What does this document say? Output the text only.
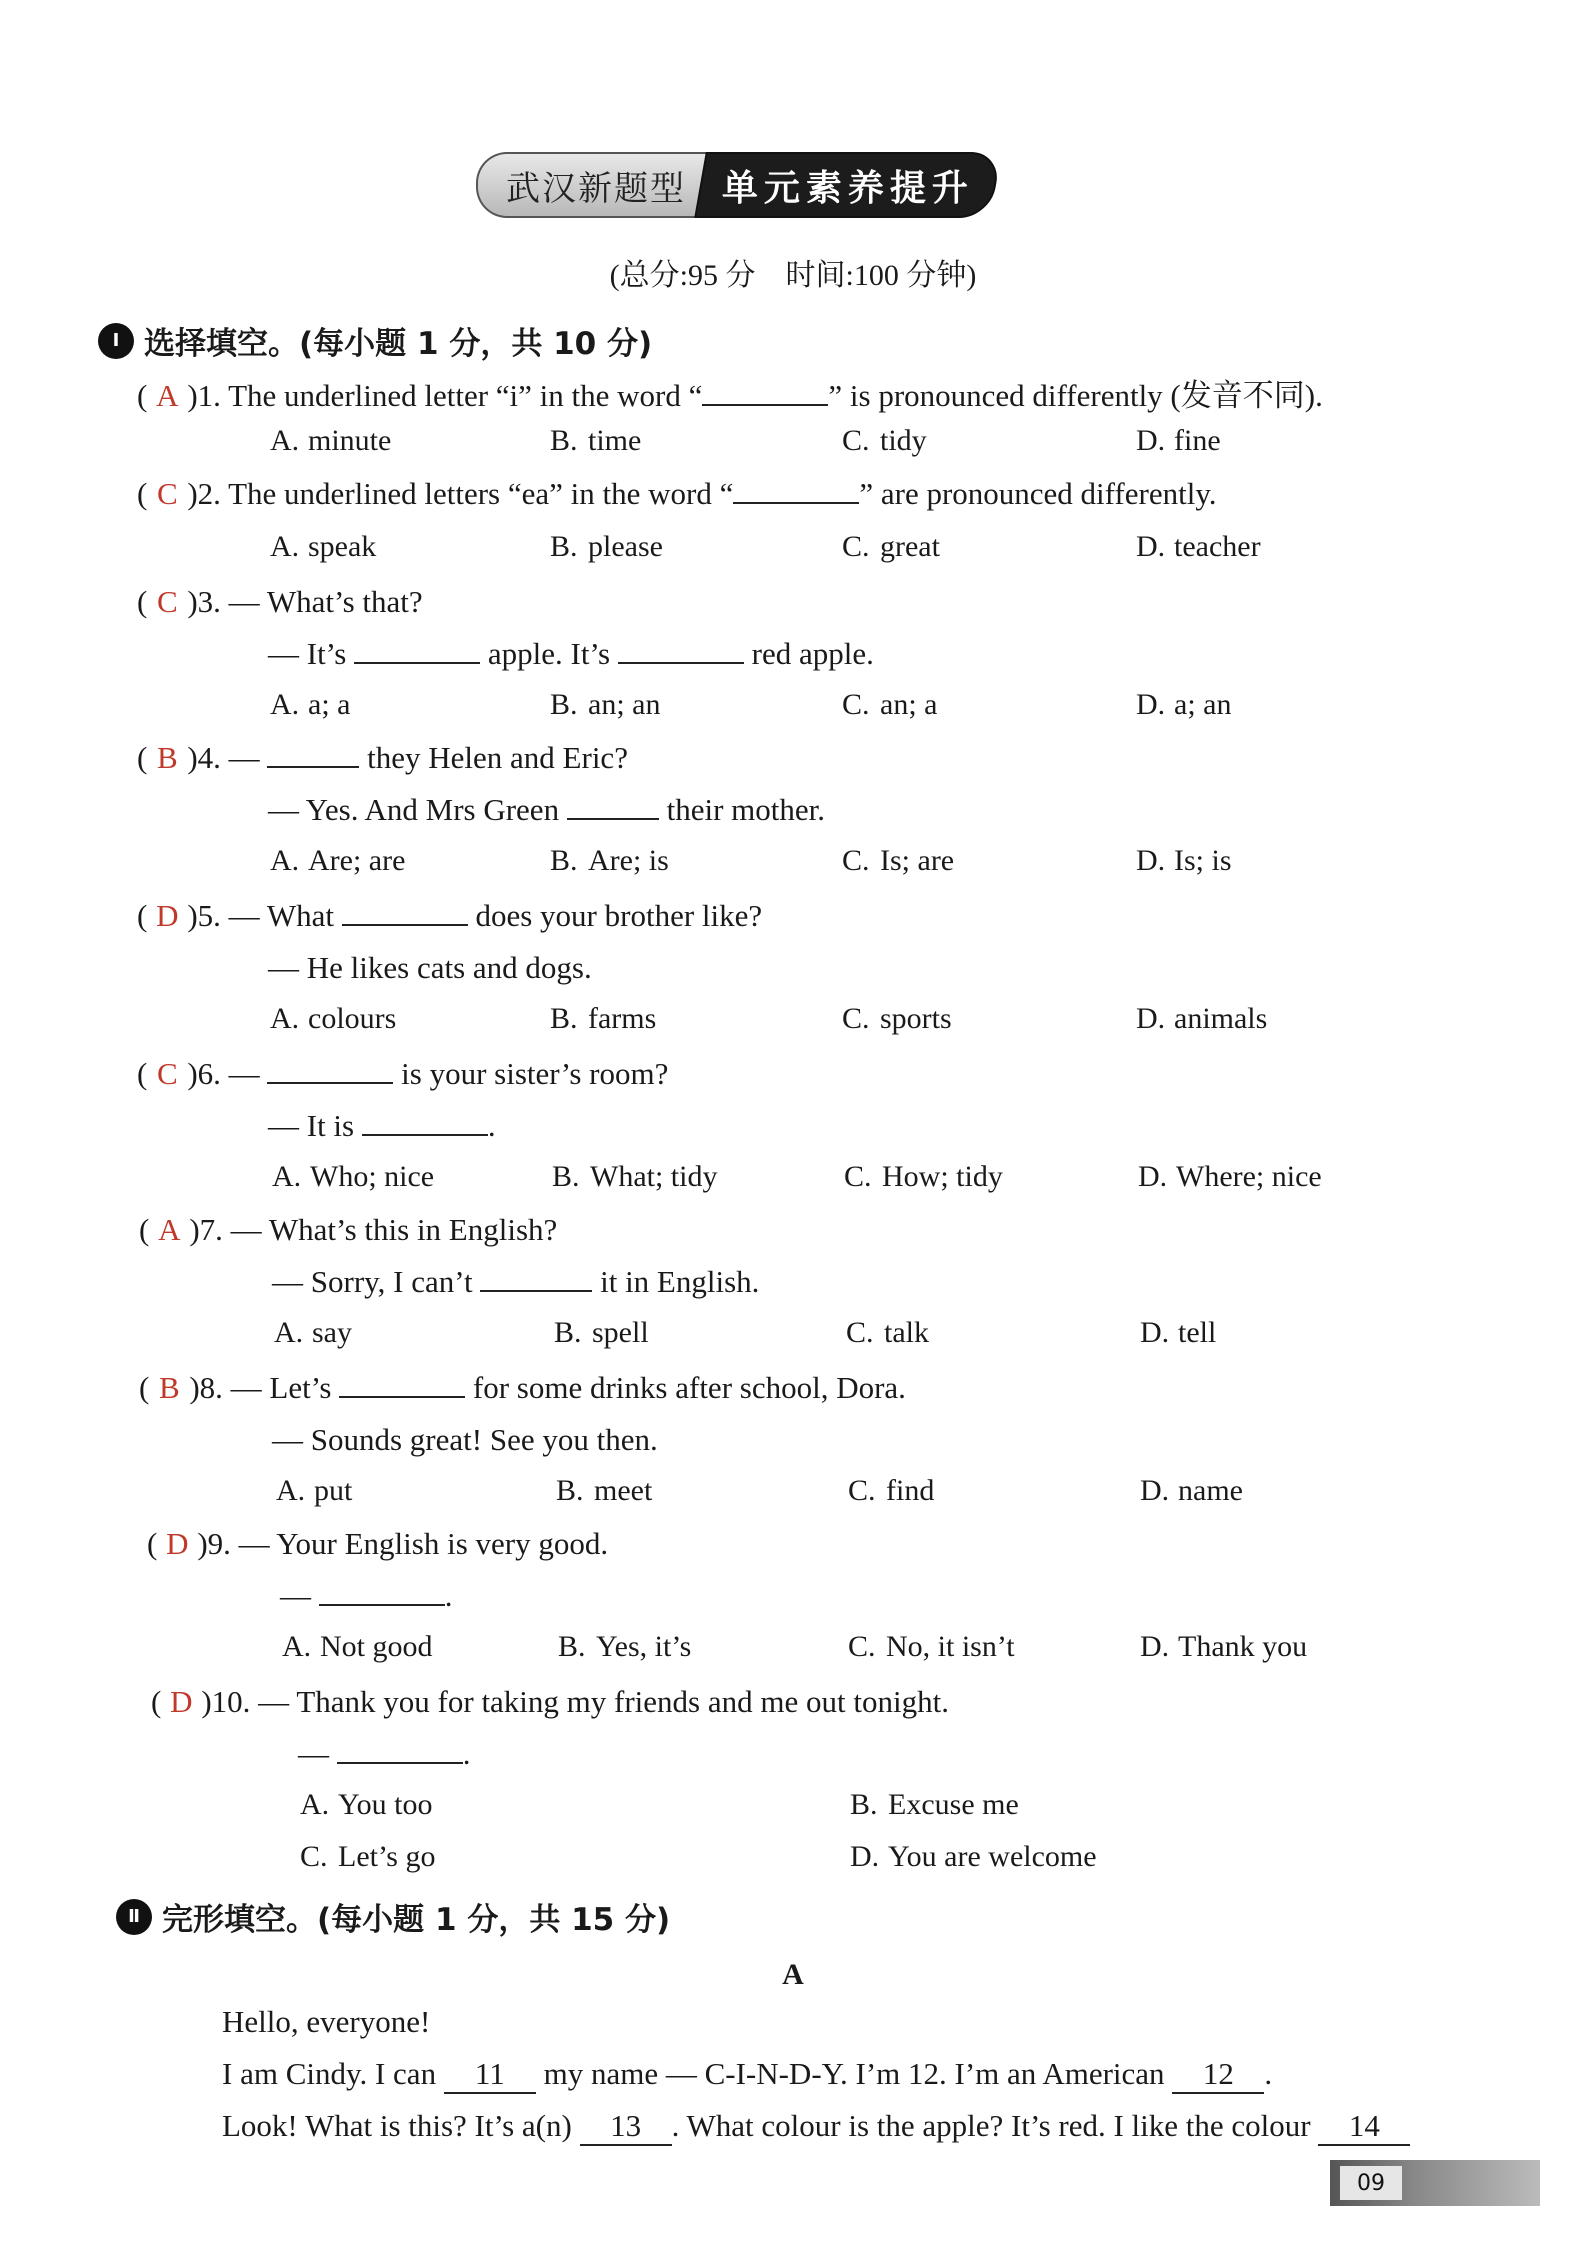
武汉新题型 单元素养提升
(总分:95 分　时间:100 分钟)
Ⅰ 选择填空。(每小题 1 分，共 10 分)
( A )1. The underlined letter “i” in the word “	” is pronounced differently (发音不同).
A. minute	B. time	C. tidy	D. fine
( C )2. The underlined letters “ea” in the word “	” are pronounced differently.
A. speak	B. please	C. great	D. teacher
( C )3. — What’s that?
— It’s	apple. It’s	red apple.
A. a; a	B. an; an	C. an; a	D. a; an
( B )4. —	they Helen and Eric?
— Yes. And Mrs Green	their mother.
A. Are; are	B. Are; is	C. Is; are	D. Is; is
( D )5. — What	does your brother like?
— He likes cats and dogs.
A. colours	B. farms	C. sports	D. animals
( C )6. —	is your sister’s room?
— It is	.
A. Who; nice	B. What; tidy	C. How; tidy	D. Where; nice
( A )7. — What’s this in English?
— Sorry, I can’t	it in English.
A. say	B. spell	C. talk	D. tell
( B )8. — Let’s	for some drinks after school, Dora.
— Sounds great! See you then.
A. put	B. meet	C. find	D. name
( D )9. — Your English is very good.
—	.
A. Not good	B. Yes, it’s	C. No, it isn’t	D. Thank you
( D )10. — Thank you for taking my friends and me out tonight.
—	.
A. You too	B. Excuse me
C. Let’s go	D. You are welcome
Ⅱ 完形填空。(每小题 1 分，共 15 分)
A
Hello, everyone!
I am Cindy. I can 11 my name — C-I-N-D-Y. I’m 12. I’m an American 12 .
Look! What is this? It’s a(n) 13 . What colour is the apple? It’s red. I like the colour 14
09
